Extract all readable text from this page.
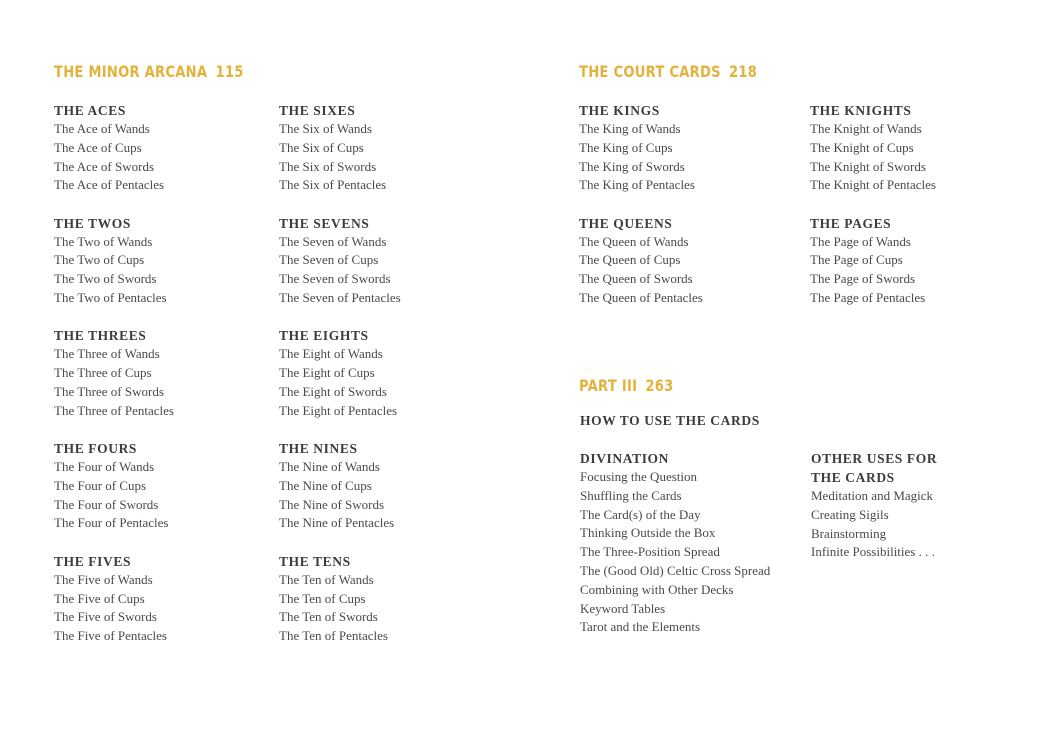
THE MINOR ARCANA 115
THE ACES
The Ace of Wands
The Ace of Cups
The Ace of Swords
The Ace of Pentacles
THE TWOS
The Two of Wands
The Two of Cups
The Two of Swords
The Two of Pentacles
THE THREES
The Three of Wands
The Three of Cups
The Three of Swords
The Three of Pentacles
THE FOURS
The Four of Wands
The Four of Cups
The Four of Swords
The Four of Pentacles
THE FIVES
The Five of Wands
The Five of Cups
The Five of Swords
The Five of Pentacles
THE SIXES
The Six of Wands
The Six of Cups
The Six of Swords
The Six of Pentacles
THE SEVENS
The Seven of Wands
The Seven of Cups
The Seven of Swords
The Seven of Pentacles
THE EIGHTS
The Eight of Wands
The Eight of Cups
The Eight of Swords
The Eight of Pentacles
THE NINES
The Nine of Wands
The Nine of Cups
The Nine of Swords
The Nine of Pentacles
THE TENS
The Ten of Wands
The Ten of Cups
The Ten of Swords
The Ten of Pentacles
THE COURT CARDS 218
THE KINGS
The King of Wands
The King of Cups
The King of Swords
The King of Pentacles
THE QUEENS
The Queen of Wands
The Queen of Cups
The Queen of Swords
The Queen of Pentacles
THE KNIGHTS
The Knight of Wands
The Knight of Cups
The Knight of Swords
The Knight of Pentacles
THE PAGES
The Page of Wands
The Page of Cups
The Page of Swords
The Page of Pentacles
PART III 263
HOW TO USE THE CARDS
DIVINATION
Focusing the Question
Shuffling the Cards
The Card(s) of the Day
Thinking Outside the Box
The Three-Position Spread
The (Good Old) Celtic Cross Spread
Combining with Other Decks
Keyword Tables
Tarot and the Elements
OTHER USES FOR THE CARDS
Meditation and Magick
Creating Sigils
Brainstorming
Infinite Possibilities . . .
